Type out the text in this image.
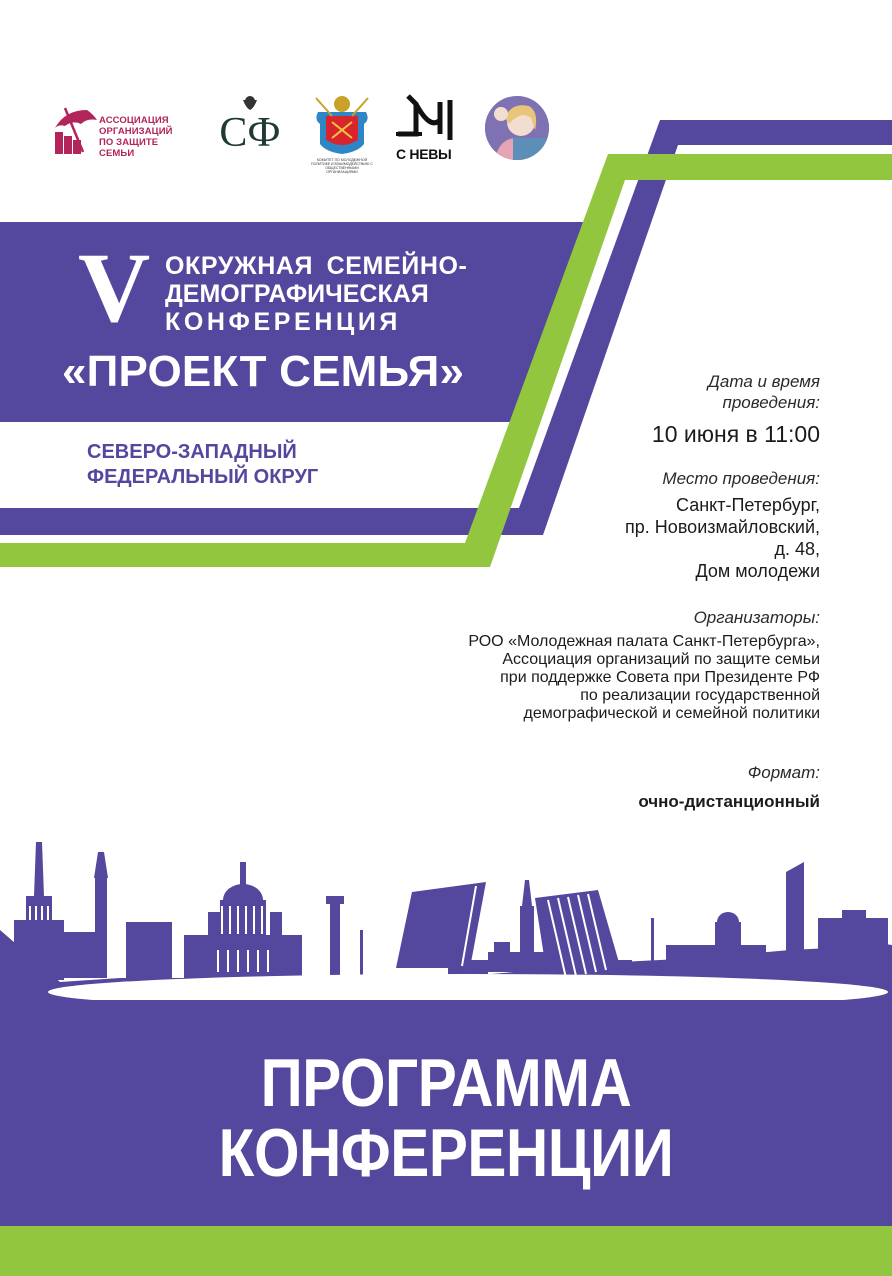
АССОЦИАЦИЯ
ОРГАНИЗАЦИЙ
ПО ЗАЩИТЕ СЕМЬИ	СФ
КОМИТЕТ ПО МОЛОДЕЖНОЙ ПОЛИТИКЕ И ВЗАИМОДЕЙСТВИЮ С ОБЩЕСТВЕННЫМИ ОРГАНИЗАЦИЯМИ
С НЕВЫ
V ОКРУЖНАЯ СЕМЕЙНО-
ДЕМОГРАФИЧЕСКАЯ
КОНФЕРЕНЦИЯ
«ПРОЕКТ СЕМЬЯ»
СЕВЕРО-ЗАПАДНЫЙ
ФЕДЕРАЛЬНЫЙ ОКРУГ
Дата и время
проведения:
10 июня в 11:00
Место проведения:
Санкт-Петербург,
пр. Новоизмайловский,
д. 48,
Дом молодежи
Организаторы:
РОО «Молодежная палата Санкт-Петербурга»,
Ассоциация организаций по защите семьи
при поддержке Совета при Президенте РФ
по реализации государственной
демографической и семейной политики
Формат:
очно-дистанционный
ПРОГРАММА
КОНФЕРЕНЦИИ
